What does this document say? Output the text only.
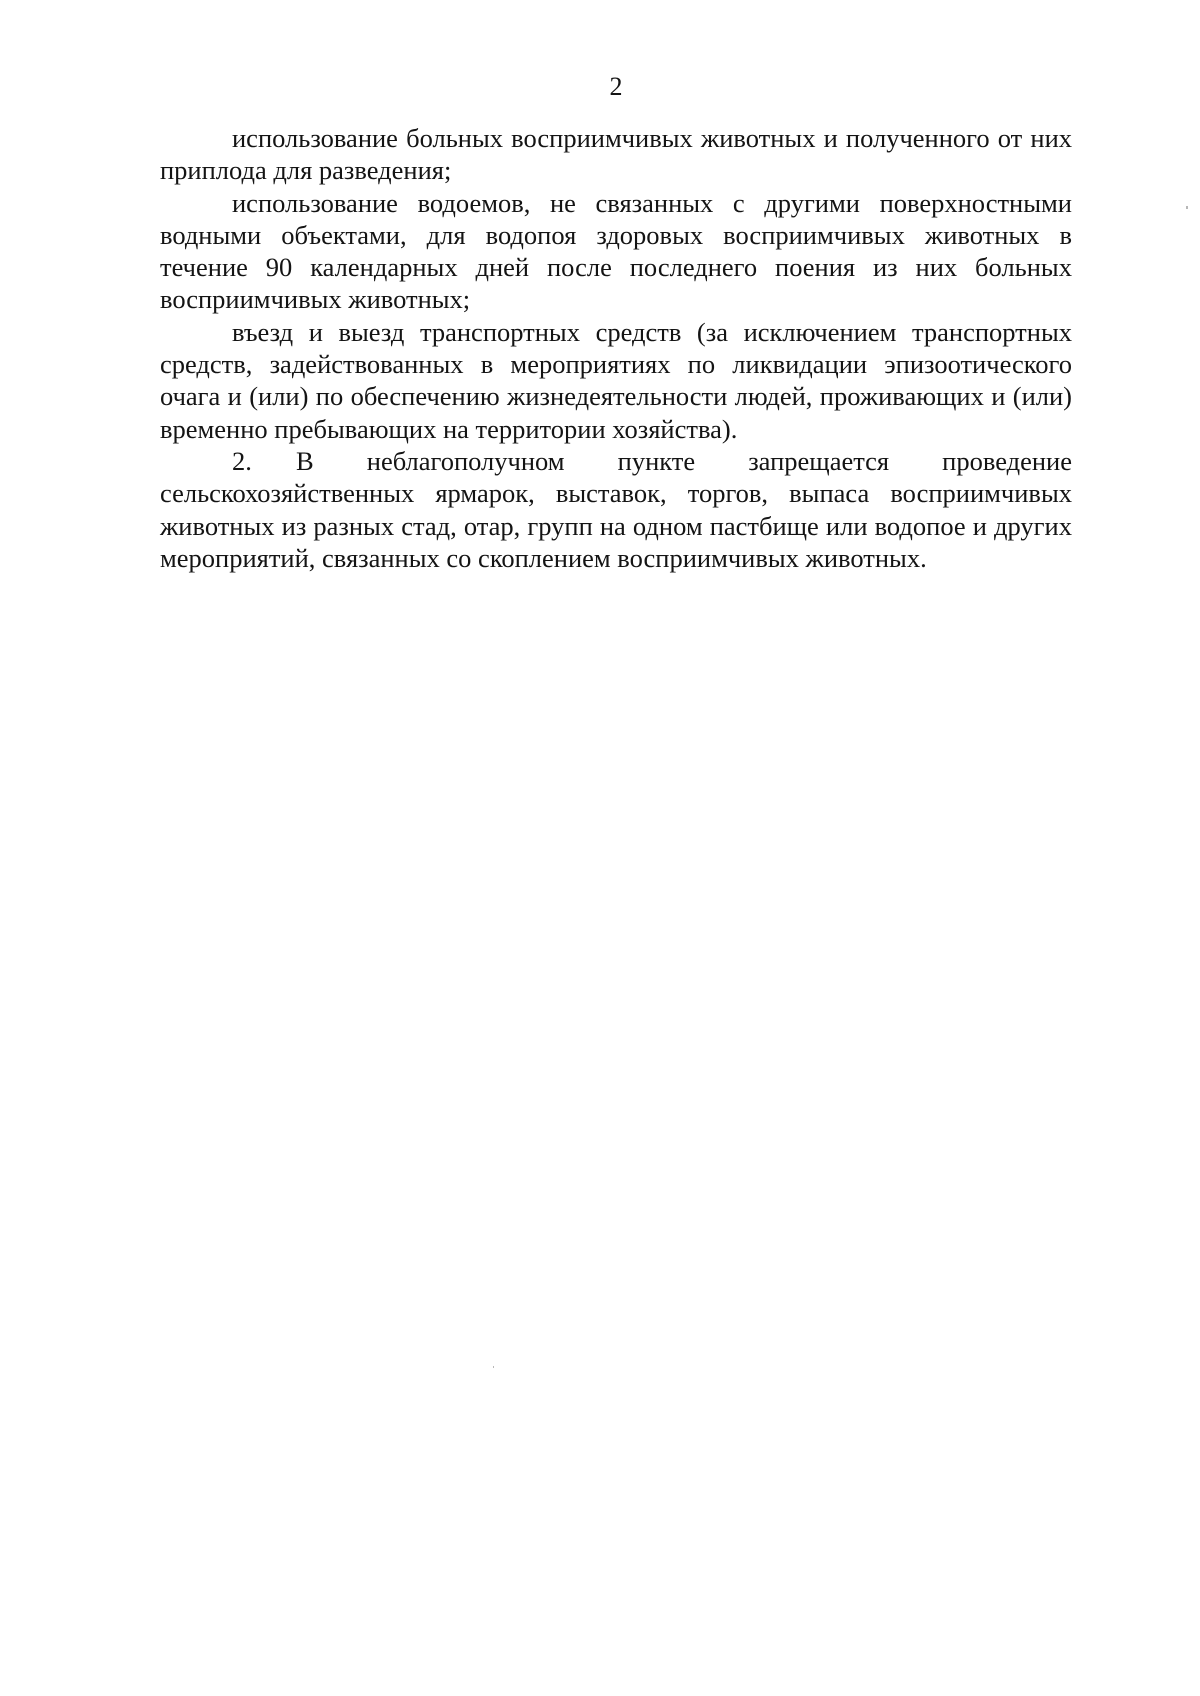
2

использование больных восприимчивых животных и полученного от них приплода для разведения;

использование водоемов, не связанных с другими поверхностными водными объектами, для водопоя здоровых восприимчивых животных в течение 90 календарных дней после последнего поения из них больных восприимчивых животных;

въезд и выезд транспортных средств (за исключением транспортных средств, задействованных в мероприятиях по ликвидации эпизоотического очага и (или) по обеспечению жизнедеятельности людей, проживающих и (или) временно пребывающих на территории хозяйства).

2. В неблагополучном пункте запрещается проведение сельскохозяйственных ярмарок, выставок, торгов, выпаса восприимчивых животных из разных стад, отар, групп на одном пастбище или водопое и других мероприятий, связанных со скоплением восприимчивых животных.
